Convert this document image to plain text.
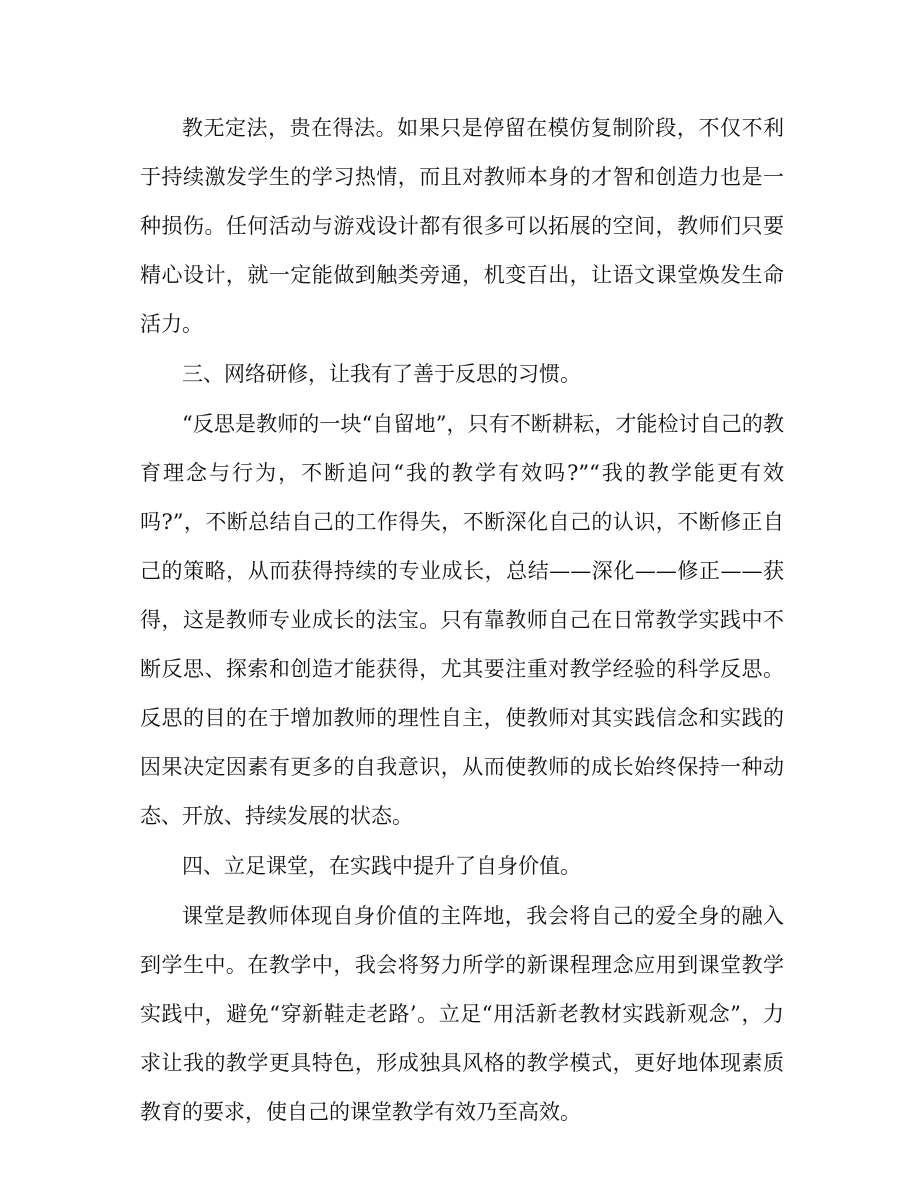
教无定法，贵在得法。如果只是停留在模仿复制阶段，不仅不利于持续激发学生的学习热情，而且对教师本身的才智和创造力也是一种损伤。任何活动与游戏设计都有很多可以拓展的空间，教师们只要精心设计，就一定能做到触类旁通，机变百出，让语文课堂焕发生命活力。

三、网络研修，让我有了善于反思的习惯。

“反思是教师的一块“自留地”，只有不断耕耘，才能检讨自己的教育理念与行为，不断追问“我的教学有效吗?”“我的教学能更有效吗?”，不断总结自己的工作得失，不断深化自己的认识，不断修正自己的策略，从而获得持续的专业成长，总结——深化——修正——获得，这是教师专业成长的法宝。只有靠教师自己在日常教学实践中不断反思、探索和创造才能获得，尤其要注重对教学经验的科学反思。反思的目的在于增加教师的理性自主，使教师对其实践信念和实践的因果决定因素有更多的自我意识，从而使教师的成长始终保持一种动态、开放、持续发展的状态。

四、立足课堂，在实践中提升了自身价值。

课堂是教师体现自身价值的主阵地，我会将自己的爱全身的融入到学生中。在教学中，我会将努力所学的新课程理念应用到课堂教学实践中，避免“穿新鞋走老路’。立足“用活新老教材实践新观念”，力求让我的教学更具特色，形成独具风格的教学模式，更好地体现素质教育的要求，使自己的课堂教学有效乃至高效。
